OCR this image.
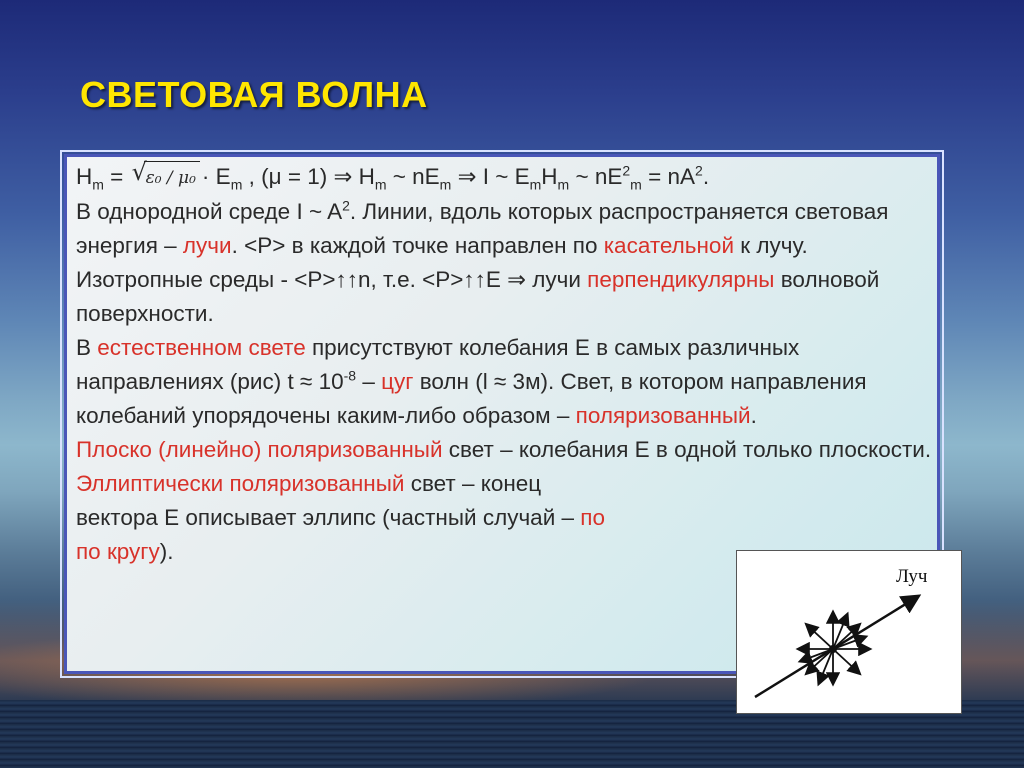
СВЕТОВАЯ ВОЛНА

$H_m$ = √
$\varepsilon_0 / \mu_0 \cdot E_m$ , (μ = 1) ⇒ $H_m$ ~ $nE_m$ ⇒ I ~ $E_mH_m$ ~ $nE^2_m = nA^2$.

В однородной среде I ~ $A^2$. Линии, вдоль которых распространяется световая энергия – лучи. <P> в каждой точке направлен по касательной к лучу. Изотропные среды - <P>↑↑n, т.е. <P>↑↑E ⇒ лучи перпендикулярны волновой поверхности.

В естественном свете присутствуют колебания E в самых различных направлениях (рис) $t \approx 10^{-8}$ – цуг волн (l ≈ 3м). Свет, в котором направления колебаний упорядочены каким-либо образом – поляризованный.

Плоско (линейно) поляризованный свет – колебания E в одной только плоскости.

Эллиптически поляризованный свет – конец
вектора E описывает эллипс (частный случай – по
по кругу).

Луч
